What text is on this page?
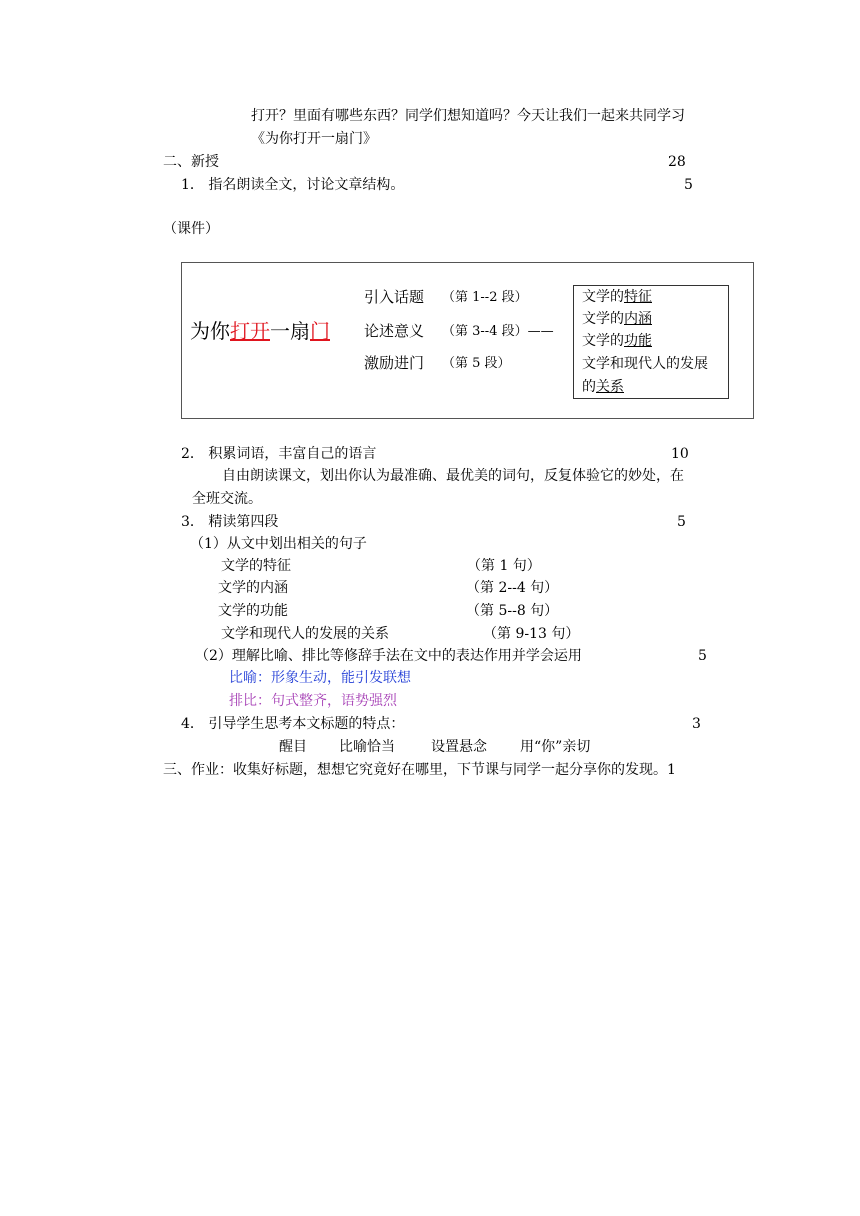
打开？里面有哪些东西？同学们想知道吗？今天让我们一起来共同学习
《为你打开一扇门》
二、新授	28
1． 指名朗读全文，讨论文章结构。	5
（课件）
为你打开一扇门
引入话题 （第 1--2 段）
论述意义 （第 3--4 段）——
激励进门 （第 5 段）
文学的特征
文学的内涵
文学的功能
文学和现代人的发展
的关系
2． 积累词语，丰富自己的语言	10
自由朗读课文，划出你认为最准确、最优美的词句，反复体验它的妙处，在
全班交流。
3． 精读第四段	5
（1）从文中划出相关的句子
文学的特征	（第 1 句）
文学的内涵	（第 2--4 句）
文学的功能	（第 5--8 句）
文学和现代人的发展的关系	（第 9-13 句）
（2）理解比喻、排比等修辞手法在文中的表达作用并学会运用	5
比喻：形象生动，能引发联想
排比：句式整齐，语势强烈
4． 引导学生思考本文标题的特点：	3
醒目 比喻恰当	设置悬念 用“你”亲切
三、作业：收集好标题，想想它究竟好在哪里，下节课与同学一起分享你的发现。1
